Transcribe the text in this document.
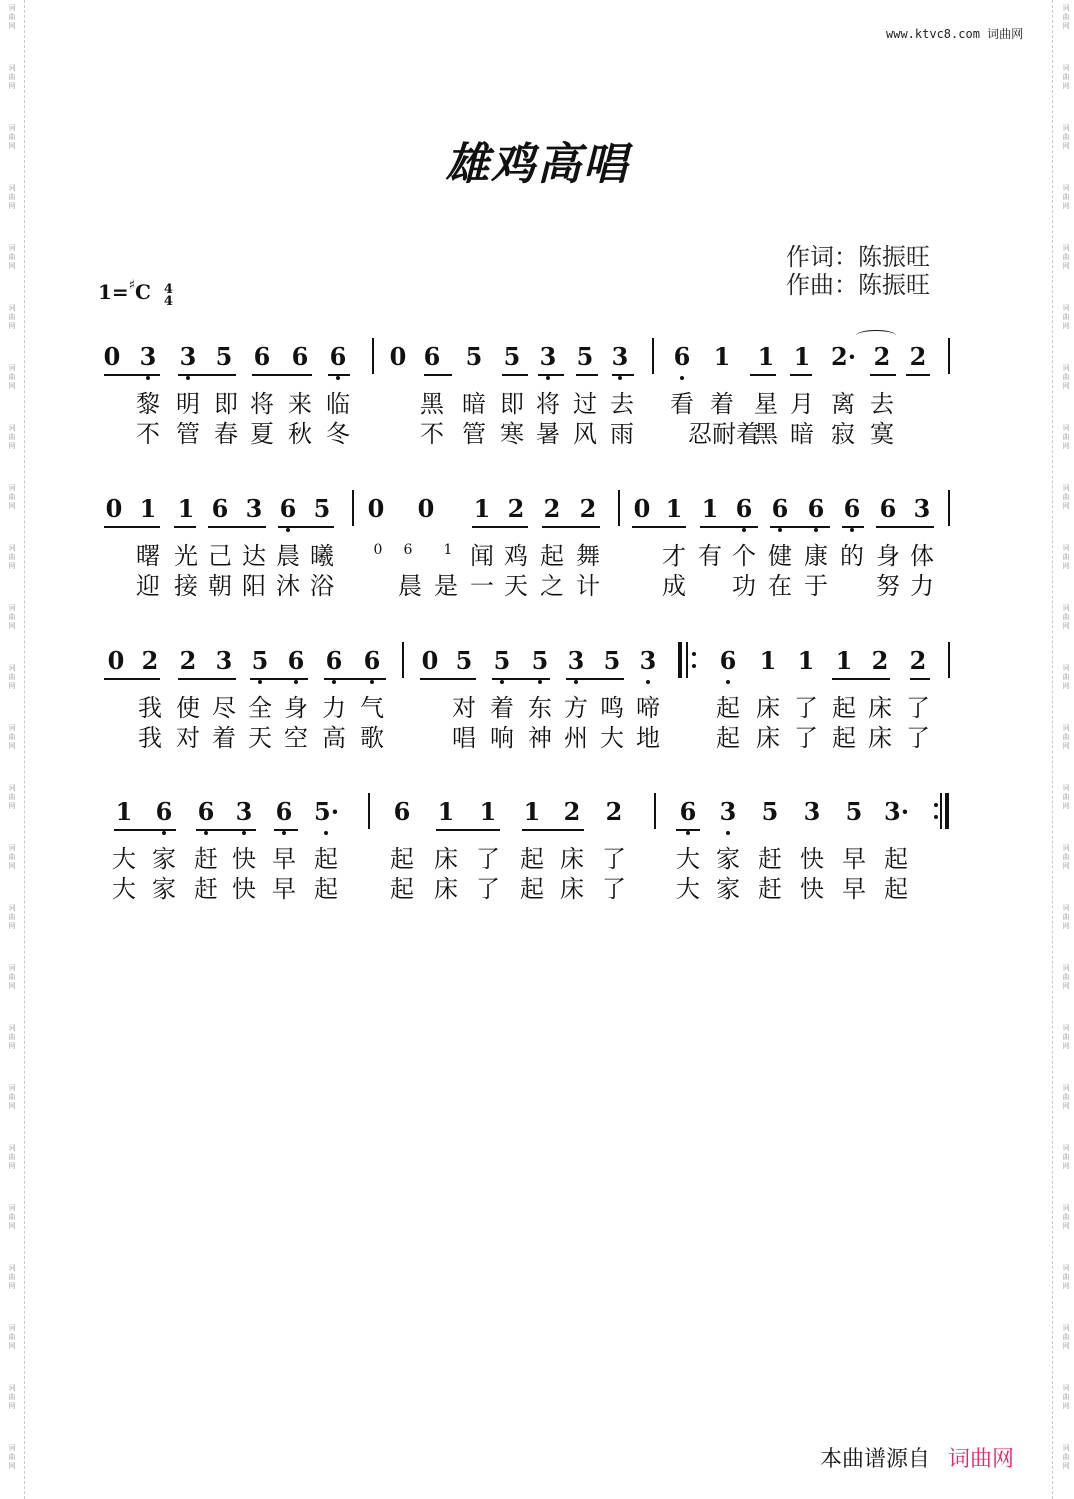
词
曲
网
词
曲
网
词
曲
网
词
曲
网
词
曲
网
词
曲
网
词
曲
网
词
曲
网
词
曲
网
词
曲
网
词
曲
网
词
曲
网
词
曲
网
词
曲
网
词
曲
网
词
曲
网
词
曲
网
词
曲
网
词
曲
网
词
曲
网
词
曲
网
词
曲
网
词
曲
网
词
曲
网
词
曲
网
词
曲
网
词
曲
网
词
曲
网
词
曲
网
词
曲
网
词
曲
网
词
曲
网
词
曲
网
词
曲
网
词
曲
网
词
曲
网
词
曲
网
词
曲
网
词
曲
网
词
曲
网
词
曲
网
词
曲
网
词
曲
网
词
曲
网
词
曲
网
词
曲
网
词
曲
网
词
曲
网
词
曲
网
词
曲
网
www.ktvc8.com 词曲网
雄鸡高唱
作词：陈振旺
作曲：陈振旺
1=♯C 4
4
0 3 3 5 6 6 6 0 6 5 5 3 5 3 6 1 1 1 2· 2 2
黎 明 即 将 来 临	黑 暗 即 将 过 去 看 着 星 月 离 去
不 管 春 夏 秋 冬	不 管 寒 暑 风 雨 忍耐着
黑 暗 寂 寞
0 1 1 6 3 6 5 0 0 1 2 2 2 0 1 1 6 6 6 6 6 3
曙 光 己 达 晨 曦	闻 鸡 起 舞	才 有 个 健 康 的 身 体
迎 接 朝 阳 沐 浴	晨 是 一 天 之 计	成 功 在 于 努 力
0 6 1
0 2 2 3 5 6 6 6 0 5 5 5 3 5 3	6 1 1 1 2 2
我 使 尽 全 身 力 气	对 着 东 方 鸣 啼 起 床 了 起 床 了
我 对 着 天 空 高 歌	唱 响 神 州 大 地 起 床 了 起 床 了
1 6 6 3 6 5· 6 1 1 1 2 2 6 3 5 3 5 3·
大 家 赶 快 早 起 起 床 了 起 床 了 大 家 赶 快 早 起
大 家 赶 快 早 起 起 床 了 起 床 了 大 家 赶 快 早 起
本曲谱源自 词曲网
